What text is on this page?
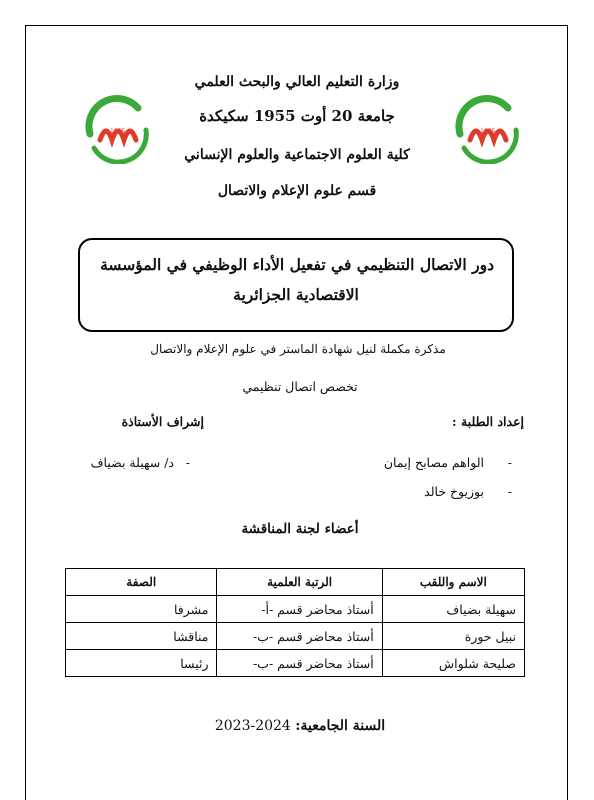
1955
1955
وزارة التعليم العالي والبحث العلمي
جامعة 20 أوت 1955 سكيكدة
كلية العلوم الاجتماعية والعلوم الإنساني
قسم علوم الإعلام والاتصال
دور الاتصال التنظيمي في تفعيل الأداء الوظيفي في المؤسسة
الاقتصادية الجزائرية
مذكرة مكملة لنيل شهادة الماستر في علوم الإعلام والاتصال
تخصص اتصال تنظيمي
إعداد الطلبة :
إشراف الأستاذة
-
الواهم مصابح إيمان
-
بوزيوخ خالد
-
د/ سهيلة بضياف
أعضاء لجنة المناقشة
الاسم واللقب	الرتبة العلمية	الصفة
سهيلة بضياف	أستاذ محاضر قسم -أ-	مشرفا
نبيل حورة	أستاذ محاضر قسم -ب-	مناقشا
صليحة شلواش	أستاذ محاضر قسم -ب-	رئيسا
السنة الجامعية: 2023-2024
